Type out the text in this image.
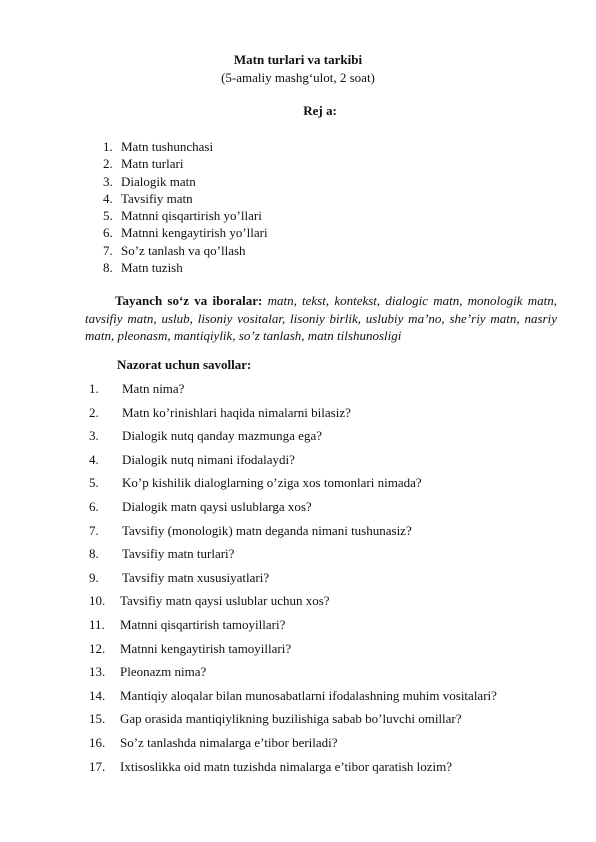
Matn turlari va tarkibi
(5-amaliy mashg‘ulot, 2 soat)
Rej a:
1. Matn tushunchasi
2. Matn turlari
3. Dialogik matn
4. Tavsifiy matn
5. Matnni qisqartirish yo’llari
6. Matnni kengaytirish yo’llari
7. So’z tanlash va qo’llash
8. Matn tuzish
Tayanch so‘z va iboralar: matn, tekst, kontekst, dialogic matn, monologik matn, tavsifiy matn, uslub, lisoniy vositalar, lisoniy birlik, uslubiy ma’no, she’riy matn, nasriy matn, pleonasm, mantiqiylik, so’z tanlash, matn tilshunosligi
Nazorat uchun savollar:
1. Matn nima?
2. Matn ko’rinishlari haqida nimalarni bilasiz?
3. Dialogik nutq qanday mazmunga ega?
4. Dialogik nutq nimani ifodalaydi?
5. Ko’p kishilik dialoglarning o’ziga xos tomonlari nimada?
6. Dialogik matn qaysi uslublarga xos?
7. Tavsifiy (monologik) matn deganda nimani tushunasiz?
8. Tavsifiy matn turlari?
9. Tavsifiy matn xususiyatlari?
10. Tavsifiy matn qaysi uslublar uchun xos?
11. Matnni qisqartirish tamoyillari?
12. Matnni kengaytirish tamoyillari?
13. Pleonazm nima?
14. Mantiqiy aloqalar bilan munosabatlarni ifodalashning muhim vositalari?
15. Gap orasida mantiqiylikning buzilishiga sabab bo’luvchi omillar?
16. So’z tanlashda nimalarga e’tibor beriladi?
17. Ixtisoslikka oid matn tuzishda nimalarga e’tibor qaratish lozim?
